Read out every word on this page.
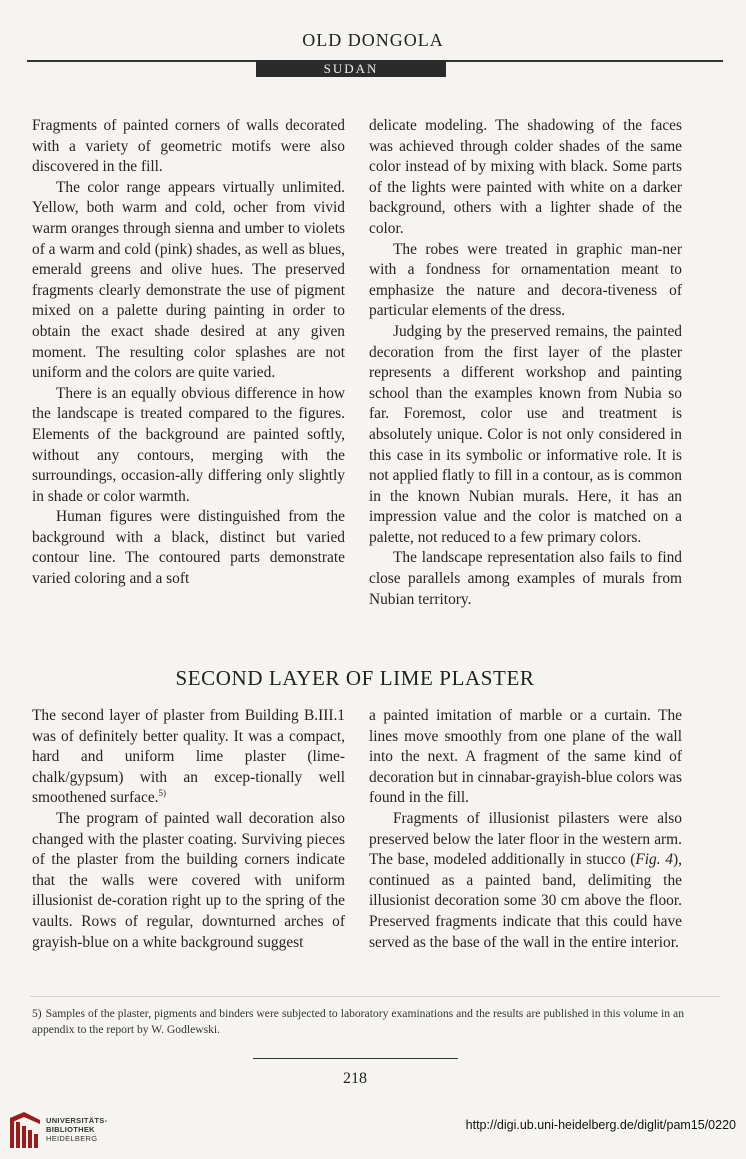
OLD DONGOLA
SUDAN

Fragments of painted corners of walls decorated with a variety of geometric motifs were also discovered in the fill.

The color range appears virtually unlimited. Yellow, both warm and cold, ocher from vivid warm oranges through sienna and umber to violets of a warm and cold (pink) shades, as well as blues, emerald greens and olive hues. The preserved fragments clearly demonstrate the use of pigment mixed on a palette during painting in order to obtain the exact shade desired at any given moment. The resulting color splashes are not uniform and the colors are quite varied.

There is an equally obvious difference in how the landscape is treated compared to the figures. Elements of the background are painted softly, without any contours, merging with the surroundings, occasion-ally differing only slightly in shade or color warmth.

Human figures were distinguished from the background with a black, distinct but varied contour line. The contoured parts demonstrate varied coloring and a soft

delicate modeling. The shadowing of the faces was achieved through colder shades of the same color instead of by mixing with black. Some parts of the lights were painted with white on a darker background, others with a lighter shade of the color.

The robes were treated in graphic man-ner with a fondness for ornamentation meant to emphasize the nature and decora-tiveness of particular elements of the dress.

Judging by the preserved remains, the painted decoration from the first layer of the plaster represents a different workshop and painting school than the examples known from Nubia so far. Foremost, color use and treatment is absolutely unique. Color is not only considered in this case in its symbolic or informative role. It is not applied flatly to fill in a contour, as is common in the known Nubian murals. Here, it has an impression value and the color is matched on a palette, not reduced to a few primary colors.

The landscape representation also fails to find close parallels among examples of murals from Nubian territory.

SECOND LAYER OF LIME PLASTER

The second layer of plaster from Building B.III.1 was of definitely better quality. It was a compact, hard and uniform lime plaster (lime-chalk/gypsum) with an excep-tionally well smoothened surface.$^{5)}$

The program of painted wall decoration also changed with the plaster coating. Surviving pieces of the plaster from the building corners indicate that the walls were covered with uniform illusionist de-coration right up to the spring of the vaults. Rows of regular, downturned arches of grayish-blue on a white background suggest

a painted imitation of marble or a curtain. The lines move smoothly from one plane of the wall into the next. A fragment of the same kind of decoration but in cinnabar-grayish-blue colors was found in the fill.

Fragments of illusionist pilasters were also preserved below the later floor in the western arm. The base, modeled additionally in stucco (Fig. 4), continued as a painted band, delimiting the illusionist decoration some 30 cm above the floor. Preserved fragments indicate that this could have served as the base of the wall in the entire interior.

5) Samples of the plaster, pigments and binders were subjected to laboratory examinations and the results are published in this volume in an appendix to the report by W. Godlewski.
218
UNIVERSITÄTS-
BIBLIOTHEK
HEIDELBERG
http://digi.ub.uni-heidelberg.de/diglit/pam15/0220
